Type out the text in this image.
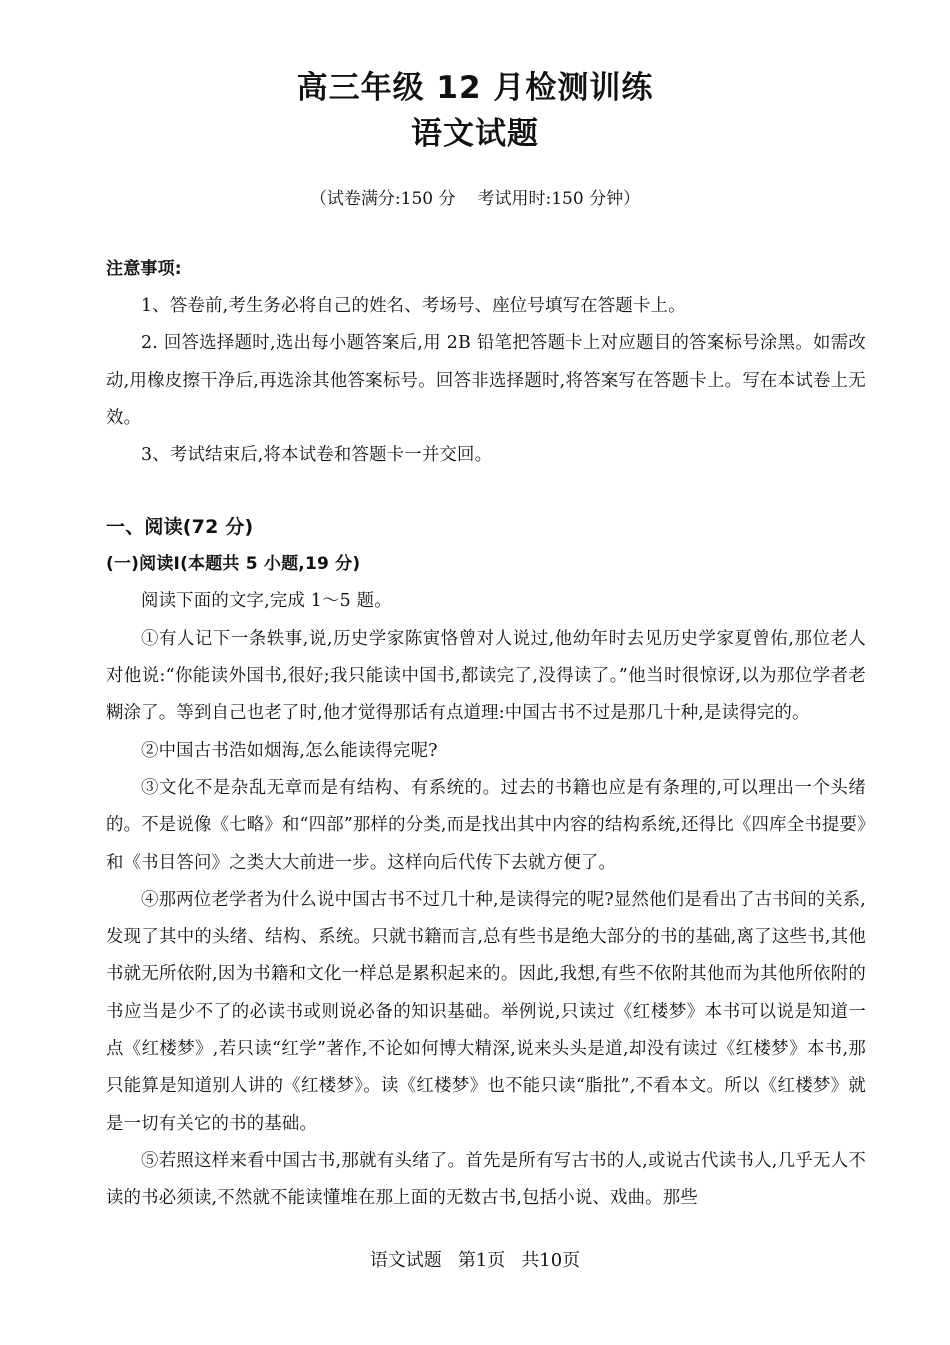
高三年级 12 月检测训练
语文试题
（试卷满分:150 分 考试用时:150 分钟）

注意事项:

1、答卷前,考生务必将自己的姓名、考场号、座位号填写在答题卡上。

2. 回答选择题时,选出每小题答案后,用 2B 铅笔把答题卡上对应题目的答案标号涂黑。如需改动,用橡皮擦干净后,再选涂其他答案标号。回答非选择题时,将答案写在答题卡上。写在本试卷上无效。

3、考试结束后,将本试卷和答题卡一并交回。

一、阅读(72 分)

(一)阅读Ⅰ(本题共 5 小题,19 分)

阅读下面的文字,完成 1～5 题。

①有人记下一条轶事,说,历史学家陈寅恪曾对人说过,他幼年时去见历史学家夏曾佑,那位老人对他说:“你能读外国书,很好;我只能读中国书,都读完了,没得读了。”他当时很惊讶,以为那位学者老糊涂了。等到自己也老了时,他才觉得那话有点道理:中国古书不过是那几十种,是读得完的。

②中国古书浩如烟海,怎么能读得完呢?

③文化不是杂乱无章而是有结构、有系统的。过去的书籍也应是有条理的,可以理出一个头绪的。不是说像《七略》和“四部”那样的分类,而是找出其中内容的结构系统,还得比《四库全书提要》和《书目答问》之类大大前进一步。这样向后代传下去就方便了。

④那两位老学者为什么说中国古书不过几十种,是读得完的呢?显然他们是看出了古书间的关系,发现了其中的头绪、结构、系统。只就书籍而言,总有些书是绝大部分的书的基础,离了这些书,其他书就无所依附,因为书籍和文化一样总是累积起来的。因此,我想,有些不依附其他而为其他所依附的书应当是少不了的必读书或则说必备的知识基础。举例说,只读过《红楼梦》本书可以说是知道一点《红楼梦》,若只读“红学”著作,不论如何博大精深,说来头头是道,却没有读过《红楼梦》本书,那只能算是知道别人讲的《红楼梦》。读《红楼梦》也不能只读“脂批”,不看本文。所以《红楼梦》就是一切有关它的书的基础。

⑤若照这样来看中国古书,那就有头绪了。首先是所有写古书的人,或说古代读书人,几乎无人不读的书必须读,不然就不能读懂堆在那上面的无数古书,包括小说、戏曲。那些

语文试题 第1页 共10页
